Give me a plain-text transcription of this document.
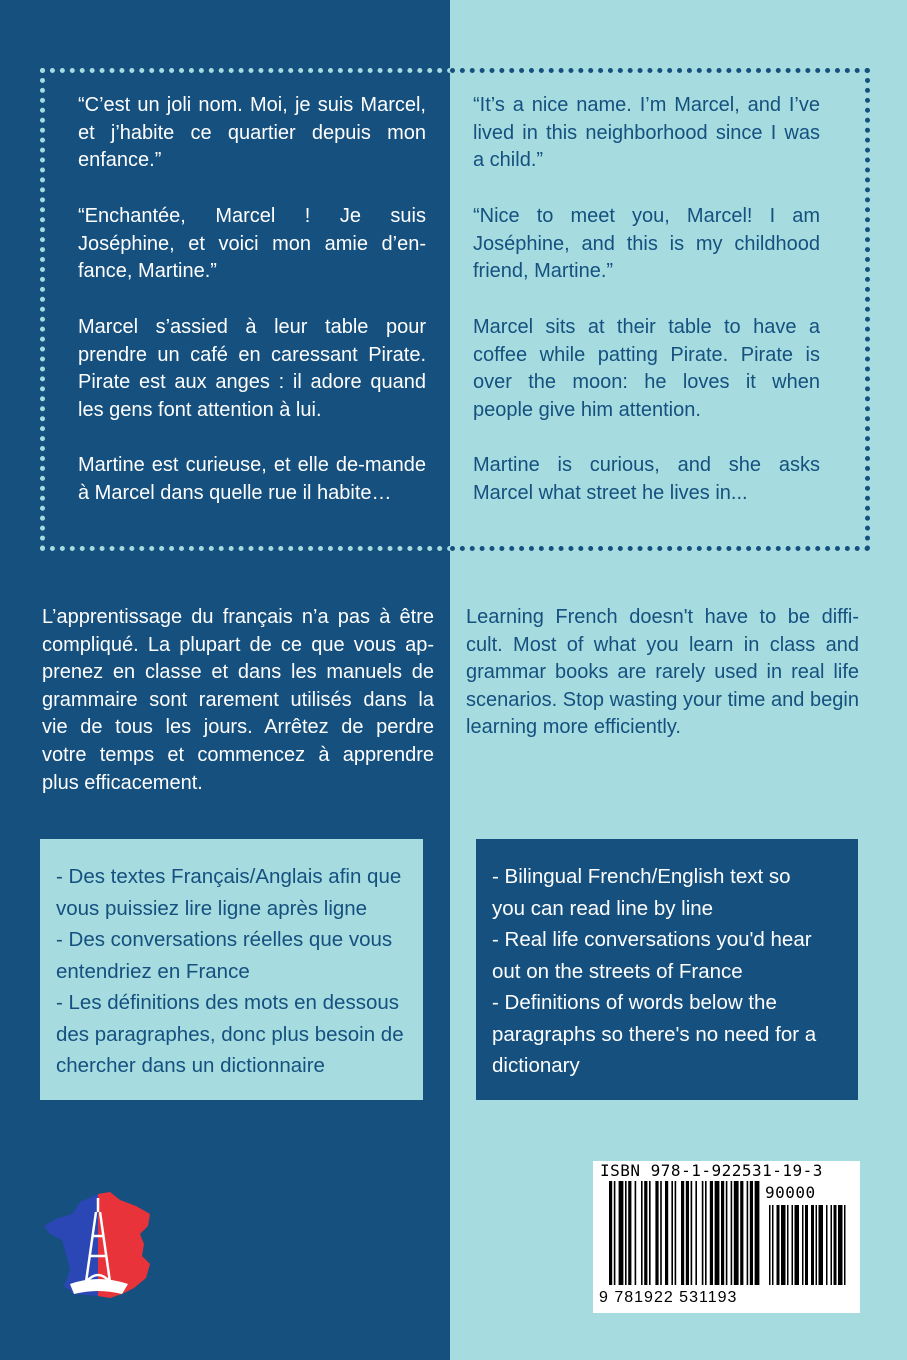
“C’est un joli nom. Moi, je suis Marcel, et j’habite ce quartier depuis mon enfance.”

“Enchantée, Marcel ! Je suis Joséphine, et voici mon amie d’en-fance, Martine.”

Marcel s’assied à leur table pour prendre un café en caressant Pirate. Pirate est aux anges : il adore quand les gens font attention à lui.

Martine est curieuse, et elle de-mande à Marcel dans quelle rue il habite…

“It’s a nice name. I’m Marcel, and I’ve lived in this neighborhood since I was a child.”

“Nice to meet you, Marcel! I am Joséphine, and this is my childhood friend, Martine.”

Marcel sits at their table to have a coffee while patting Pirate. Pirate is over the moon: he loves it when people give him attention.

Martine is curious, and she asks Marcel what street he lives in...

L’apprentissage du français n’a pas à être compliqué. La plupart de ce que vous ap-prenez en classe et dans les manuels de grammaire sont rarement utilisés dans la vie de tous les jours. Arrêtez de perdre votre temps et commencez à apprendre plus efficacement.

Learning French doesn't have to be diffi-cult. Most of what you learn in class and grammar books are rarely used in real life scenarios. Stop wasting your time and begin learning more efficiently.

- Des textes Français/Anglais afin que
vous puissiez lire ligne après ligne
- Des conversations réelles que vous
entendriez en France
- Les définitions des mots en dessous
des paragraphes, donc plus besoin de
chercher dans un dictionnaire
- Bilingual French/English text so
you can read line by line
- Real life conversations you'd hear
out on the streets of France
- Definitions of words below the
paragraphs so there's no need for a
dictionary
ISBN 978-1-922531-19-3
90000
9 781922 531193
